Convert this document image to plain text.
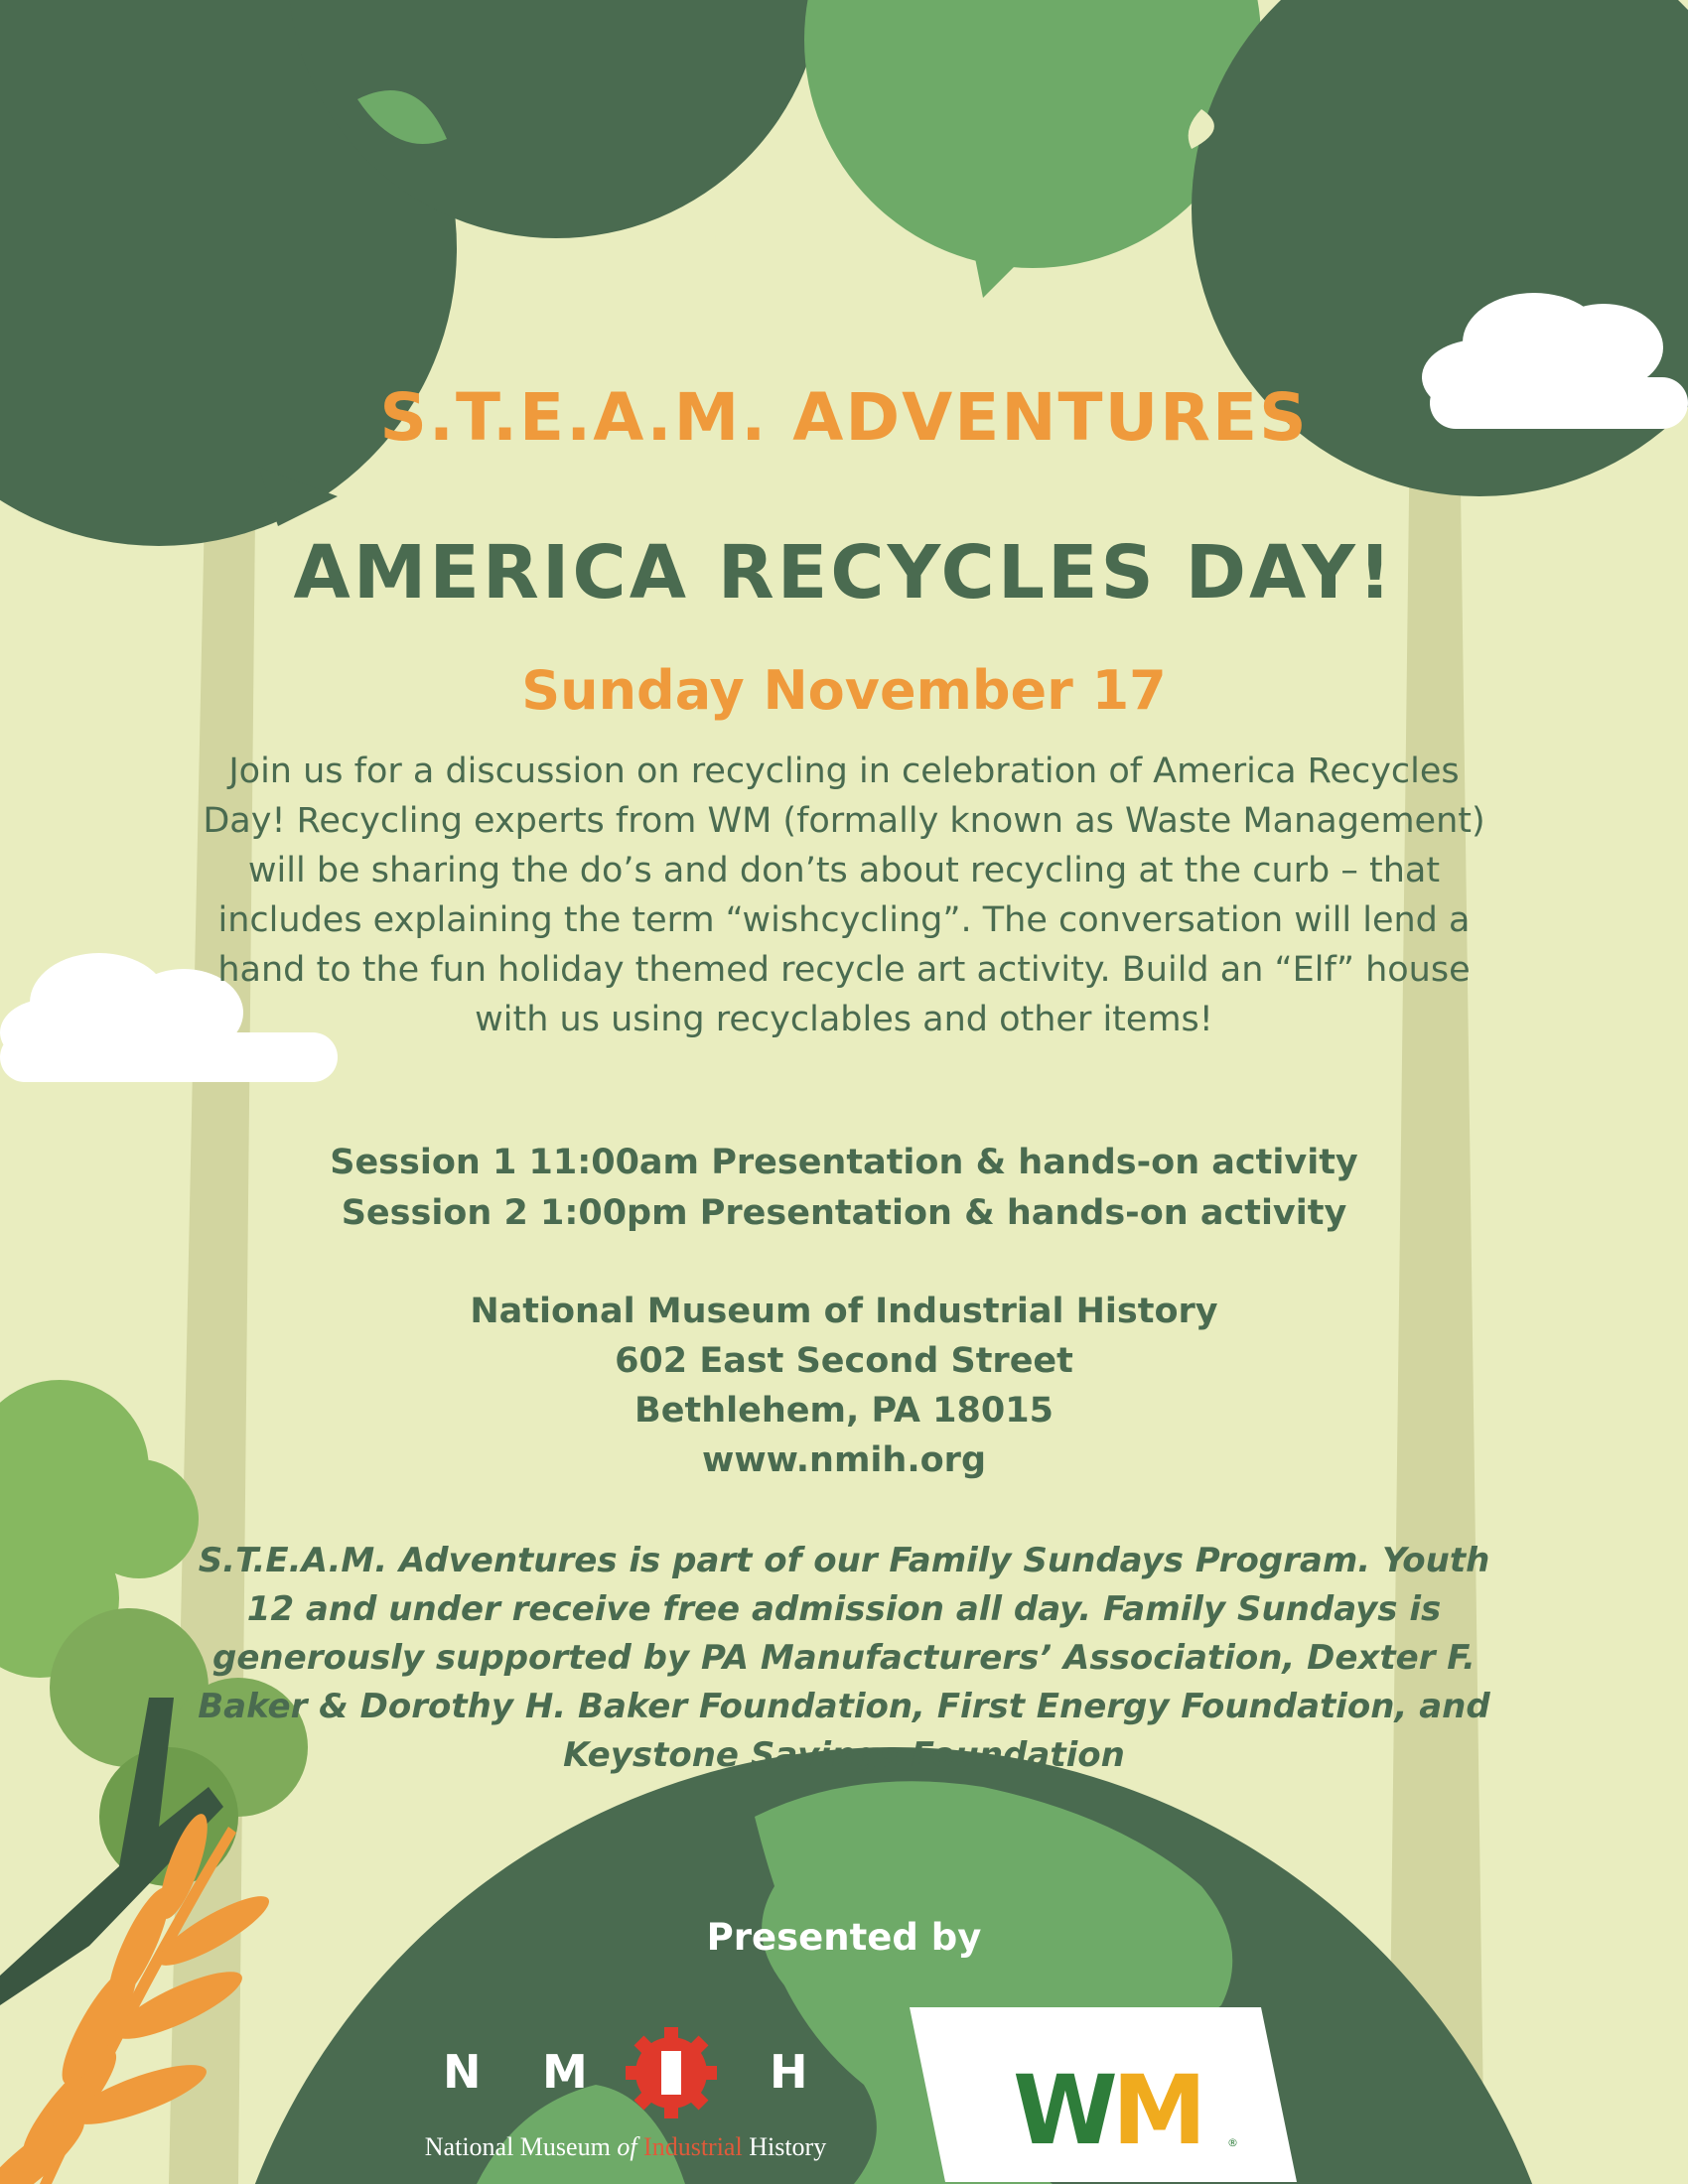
S.T.E.A.M. ADVENTURES
AMERICA RECYCLES DAY!
Sunday November 17
Join us for a discussion on recycling in celebration of America Recycles Day! Recycling experts from WM (formally known as Waste Management) will be sharing the do’s and don’ts about recycling at the curb – that includes explaining the term “wishcycling”. The conversation will lend a hand to the fun holiday themed recycle art activity. Build an “Elf” house with us using recyclables and other items!
Session 1 11:00am Presentation & hands-on activity
Session 2 1:00pm Presentation & hands-on activity
National Museum of Industrial History
602 East Second Street
Bethlehem, PA 18015
www.nmih.org
S.T.E.A.M. Adventures is part of our Family Sundays Program. Youth 12 and under receive free admission all day. Family Sundays is generously supported by PA Manufacturers’ Association, Dexter F. Baker & Dorothy H. Baker Foundation, First Energy Foundation, and Keystone Savings Foundation
Presented by
N M	H
National Museum of Industrial History WM ®
